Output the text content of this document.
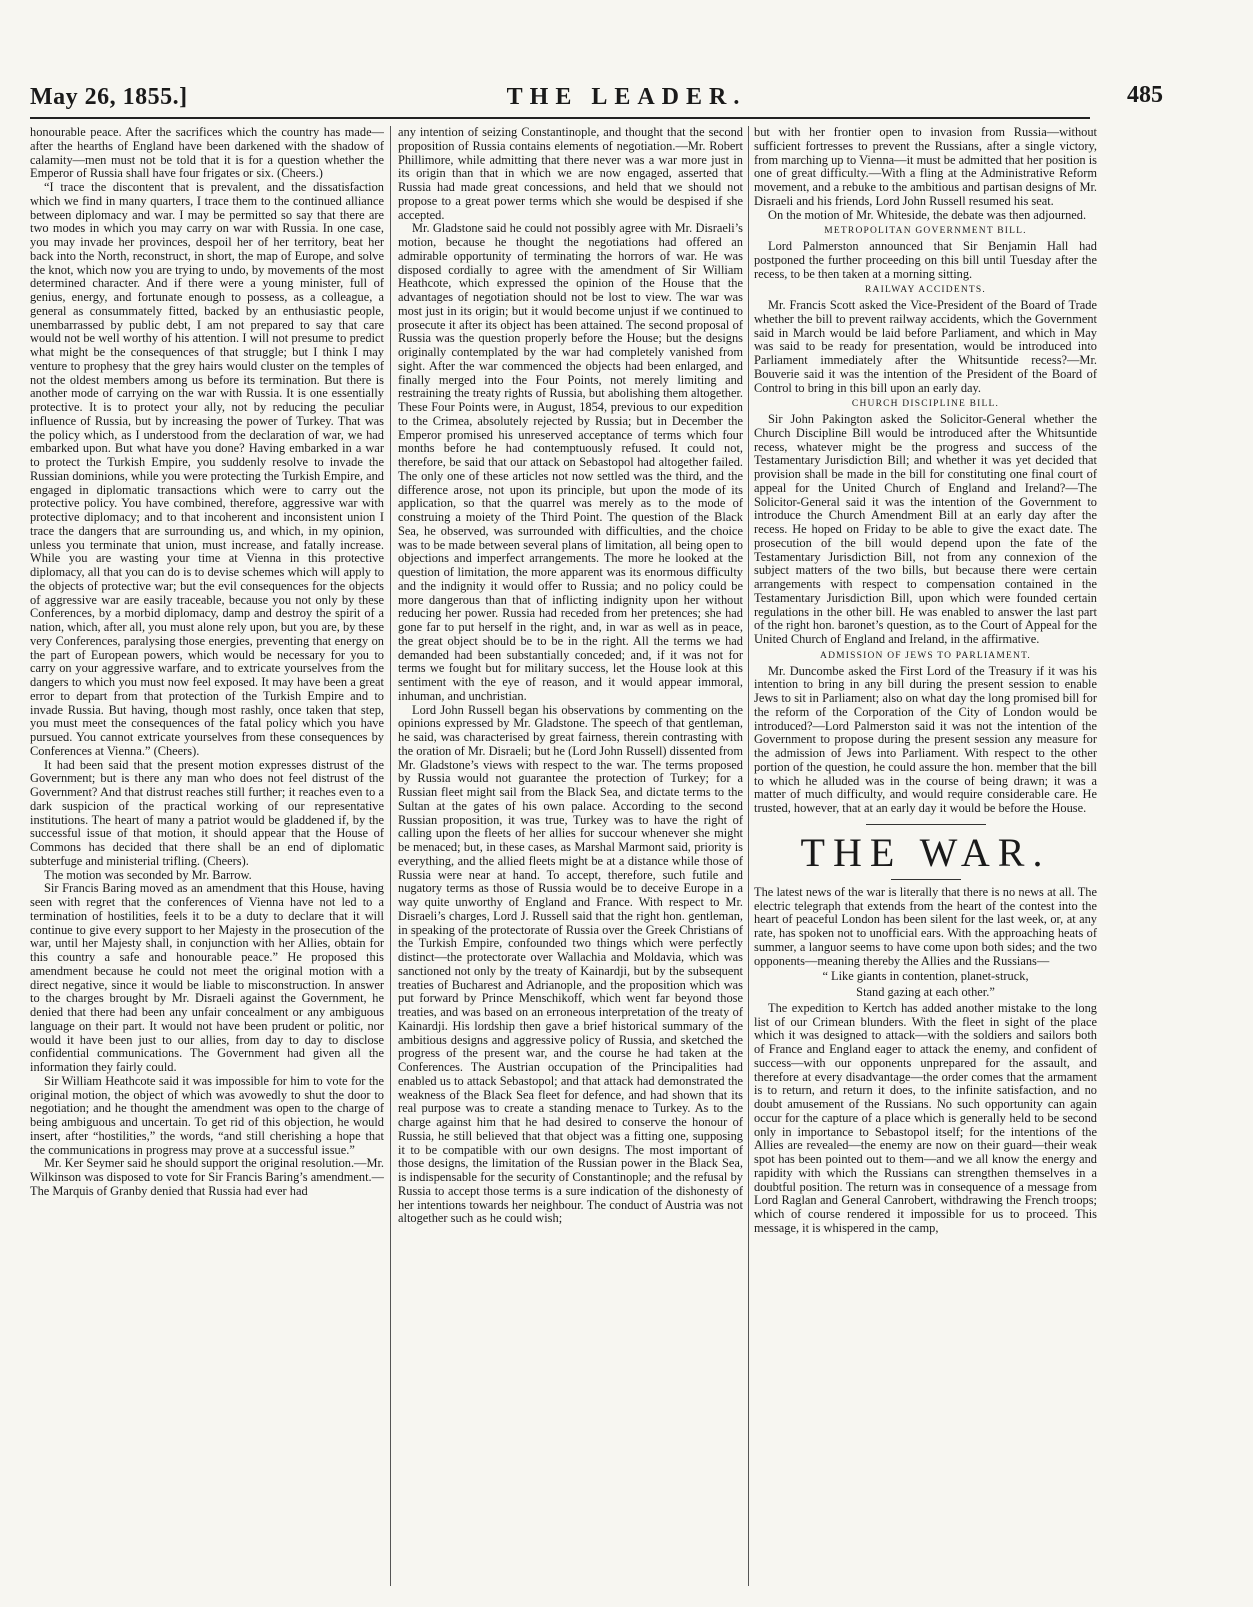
May 26, 1855.]	THE LEADER.	485

honourable peace. After the sacrifices which the country has made—after the hearths of England have been darkened with the shadow of calamity—men must not be told that it is for a question whether the Emperor of Russia shall have four frigates or six. (Cheers.)

“I trace the discontent that is prevalent, and the dissatisfaction which we find in many quarters, I trace them to the continued alliance between diplomacy and war. I may be permitted so say that there are two modes in which you may carry on war with Russia. In one case, you may invade her provinces, despoil her of her territory, beat her back into the North, reconstruct, in short, the map of Europe, and solve the knot, which now you are trying to undo, by movements of the most determined character. And if there were a young minister, full of genius, energy, and fortunate enough to possess, as a colleague, a general as consummately fitted, backed by an enthusiastic people, unembarrassed by public debt, I am not prepared to say that care would not be well worthy of his attention. I will not presume to predict what might be the consequences of that struggle; but I think I may venture to prophesy that the grey hairs would cluster on the temples of not the oldest members among us before its termination. But there is another mode of carrying on the war with Russia. It is one essentially protective. It is to protect your ally, not by reducing the peculiar influence of Russia, but by increasing the power of Turkey. That was the policy which, as I understood from the declaration of war, we had embarked upon. But what have you done? Having embarked in a war to protect the Turkish Empire, you suddenly resolve to invade the Russian dominions, while you were protecting the Turkish Empire, and engaged in diplomatic transactions which were to carry out the protective policy. You have combined, therefore, aggressive war with protective diplomacy; and to that incoherent and inconsistent union I trace the dangers that are surrounding us, and which, in my opinion, unless you terminate that union, must increase, and fatally increase. While you are wasting your time at Vienna in this protective diplomacy, all that you can do is to devise schemes which will apply to the objects of protective war; but the evil consequences for the objects of aggressive war are easily traceable, because you not only by these Conferences, by a morbid diplomacy, damp and destroy the spirit of a nation, which, after all, you must alone rely upon, but you are, by these very Conferences, paralysing those energies, preventing that energy on the part of European powers, which would be necessary for you to carry on your aggressive warfare, and to extricate yourselves from the dangers to which you must now feel exposed. It may have been a great error to depart from that protection of the Turkish Empire and to invade Russia. But having, though most rashly, once taken that step, you must meet the consequences of the fatal policy which you have pursued. You cannot extricate yourselves from these consequences by Conferences at Vienna.” (Cheers).

It had been said that the present motion expresses distrust of the Government; but is there any man who does not feel distrust of the Government? And that distrust reaches still further; it reaches even to a dark suspicion of the practical working of our representative institutions. The heart of many a patriot would be gladdened if, by the successful issue of that motion, it should appear that the House of Commons has decided that there shall be an end of diplomatic subterfuge and ministerial trifling. (Cheers).

The motion was seconded by Mr. Barrow.

Sir Francis Baring moved as an amendment that this House, having seen with regret that the conferences of Vienna have not led to a termination of hostilities, feels it to be a duty to declare that it will continue to give every support to her Majesty in the prosecution of the war, until her Majesty shall, in conjunction with her Allies, obtain for this country a safe and honourable peace.” He proposed this amendment because he could not meet the original motion with a direct negative, since it would be liable to misconstruction. In answer to the charges brought by Mr. Disraeli against the Government, he denied that there had been any unfair concealment or any ambiguous language on their part. It would not have been prudent or politic, nor would it have been just to our allies, from day to day to disclose confidential communications. The Government had given all the information they fairly could.

Sir William Heathcote said it was impossible for him to vote for the original motion, the object of which was avowedly to shut the door to negotiation; and he thought the amendment was open to the charge of being ambiguous and uncertain. To get rid of this objection, he would insert, after “hostilities,” the words, “and still cherishing a hope that the communications in progress may prove at a successful issue.”

Mr. Ker Seymer said he should support the original resolution.—Mr. Wilkinson was disposed to vote for Sir Francis Baring’s amendment.—The Marquis of Granby denied that Russia had ever had

any intention of seizing Constantinople, and thought that the second proposition of Russia contains elements of negotiation.—Mr. Robert Phillimore, while admitting that there never was a war more just in its origin than that in which we are now engaged, asserted that Russia had made great concessions, and held that we should not propose to a great power terms which she would be despised if she accepted.

Mr. Gladstone said he could not possibly agree with Mr. Disraeli’s motion, because he thought the negotiations had offered an admirable opportunity of terminating the horrors of war. He was disposed cordially to agree with the amendment of Sir William Heathcote, which expressed the opinion of the House that the advantages of negotiation should not be lost to view. The war was most just in its origin; but it would become unjust if we continued to prosecute it after its object has been attained. The second proposal of Russia was the question properly before the House; but the designs originally contemplated by the war had completely vanished from sight. After the war commenced the objects had been enlarged, and finally merged into the Four Points, not merely limiting and restraining the treaty rights of Russia, but abolishing them altogether. These Four Points were, in August, 1854, previous to our expedition to the Crimea, absolutely rejected by Russia; but in December the Emperor promised his unreserved acceptance of terms which four months before he had contemptuously refused. It could not, therefore, be said that our attack on Sebastopol had altogether failed. The only one of these articles not now settled was the third, and the difference arose, not upon its principle, but upon the mode of its application, so that the quarrel was merely as to the mode of construing a moiety of the Third Point. The question of the Black Sea, he observed, was surrounded with difficulties, and the choice was to be made between several plans of limitation, all being open to objections and imperfect arrangements. The more he looked at the question of limitation, the more apparent was its enormous difficulty and the indignity it would offer to Russia; and no policy could be more dangerous than that of inflicting indignity upon her without reducing her power. Russia had receded from her pretences; she had gone far to put herself in the right, and, in war as well as in peace, the great object should be to be in the right. All the terms we had demanded had been substantially conceded; and, if it was not for terms we fought but for military success, let the House look at this sentiment with the eye of reason, and it would appear immoral, inhuman, and unchristian.

Lord John Russell began his observations by commenting on the opinions expressed by Mr. Gladstone. The speech of that gentleman, he said, was characterised by great fairness, therein contrasting with the oration of Mr. Disraeli; but he (Lord John Russell) dissented from Mr. Gladstone’s views with respect to the war. The terms proposed by Russia would not guarantee the protection of Turkey; for a Russian fleet might sail from the Black Sea, and dictate terms to the Sultan at the gates of his own palace. According to the second Russian proposition, it was true, Turkey was to have the right of calling upon the fleets of her allies for succour whenever she might be menaced; but, in these cases, as Marshal Marmont said, priority is everything, and the allied fleets might be at a distance while those of Russia were near at hand. To accept, therefore, such futile and nugatory terms as those of Russia would be to deceive Europe in a way quite unworthy of England and France. With respect to Mr. Disraeli’s charges, Lord J. Russell said that the right hon. gentleman, in speaking of the protectorate of Russia over the Greek Christians of the Turkish Empire, confounded two things which were perfectly distinct—the protectorate over Wallachia and Moldavia, which was sanctioned not only by the treaty of Kainardji, but by the subsequent treaties of Bucharest and Adrianople, and the proposition which was put forward by Prince Menschikoff, which went far beyond those treaties, and was based on an erroneous interpretation of the treaty of Kainardji. His lordship then gave a brief historical summary of the ambitious designs and aggressive policy of Russia, and sketched the progress of the present war, and the course he had taken at the Conferences. The Austrian occupation of the Principalities had enabled us to attack Sebastopol; and that attack had demonstrated the weakness of the Black Sea fleet for defence, and had shown that its real purpose was to create a standing menace to Turkey. As to the charge against him that he had desired to conserve the honour of Russia, he still believed that that object was a fitting one, supposing it to be compatible with our own designs. The most important of those designs, the limitation of the Russian power in the Black Sea, is indispensable for the security of Constantinople; and the refusal by Russia to accept those terms is a sure indication of the dishonesty of her intentions towards her neighbour. The conduct of Austria was not altogether such as he could wish;

but with her frontier open to invasion from Russia—without sufficient fortresses to prevent the Russians, after a single victory, from marching up to Vienna—it must be admitted that her position is one of great difficulty.—With a fling at the Administrative Reform movement, and a rebuke to the ambitious and partisan designs of Mr. Disraeli and his friends, Lord John Russell resumed his seat.

On the motion of Mr. Whiteside, the debate was then adjourned.

METROPOLITAN GOVERNMENT BILL.

Lord Palmerston announced that Sir Benjamin Hall had postponed the further proceeding on this bill until Tuesday after the recess, to be then taken at a morning sitting.

RAILWAY ACCIDENTS.

Mr. Francis Scott asked the Vice-President of the Board of Trade whether the bill to prevent railway accidents, which the Government said in March would be laid before Parliament, and which in May was said to be ready for presentation, would be introduced into Parliament immediately after the Whitsuntide recess?—Mr. Bouverie said it was the intention of the President of the Board of Control to bring in this bill upon an early day.

CHURCH DISCIPLINE BILL.

Sir John Pakington asked the Solicitor-General whether the Church Discipline Bill would be introduced after the Whitsuntide recess, whatever might be the progress and success of the Testamentary Jurisdiction Bill; and whether it was yet decided that provision shall be made in the bill for constituting one final court of appeal for the United Church of England and Ireland?—The Solicitor-General said it was the intention of the Government to introduce the Church Amendment Bill at an early day after the recess. He hoped on Friday to be able to give the exact date. The prosecution of the bill would depend upon the fate of the Testamentary Jurisdiction Bill, not from any connexion of the subject matters of the two bills, but because there were certain arrangements with respect to compensation contained in the Testamentary Jurisdiction Bill, upon which were founded certain regulations in the other bill. He was enabled to answer the last part of the right hon. baronet’s question, as to the Court of Appeal for the United Church of England and Ireland, in the affirmative.

ADMISSION OF JEWS TO PARLIAMENT.

Mr. Duncombe asked the First Lord of the Treasury if it was his intention to bring in any bill during the present session to enable Jews to sit in Parliament; also on what day the long promised bill for the reform of the Corporation of the City of London would be introduced?—Lord Palmerston said it was not the intention of the Government to propose during the present session any measure for the admission of Jews into Parliament. With respect to the other portion of the question, he could assure the hon. member that the bill to which he alluded was in the course of being drawn; it was a matter of much difficulty, and would require considerable care. He trusted, however, that at an early day it would be before the House.

THE WAR.

The latest news of the war is literally that there is no news at all. The electric telegraph that extends from the heart of the contest into the heart of peaceful London has been silent for the last week, or, at any rate, has spoken not to unofficial ears. With the approaching heats of summer, a languor seems to have come upon both sides; and the two opponents—meaning thereby the Allies and the Russians—

“ Like giants in contention, planet-struck,

Stand gazing at each other.”

The expedition to Kertch has added another mistake to the long list of our Crimean blunders. With the fleet in sight of the place which it was designed to attack—with the soldiers and sailors both of France and England eager to attack the enemy, and confident of success—with our opponents unprepared for the assault, and therefore at every disadvantage—the order comes that the armament is to return, and return it does, to the infinite satisfaction, and no doubt amusement of the Russians. No such opportunity can again occur for the capture of a place which is generally held to be second only in importance to Sebastopol itself; for the intentions of the Allies are revealed—the enemy are now on their guard—their weak spot has been pointed out to them—and we all know the energy and rapidity with which the Russians can strengthen themselves in a doubtful position. The return was in consequence of a message from Lord Raglan and General Canrobert, withdrawing the French troops; which of course rendered it impossible for us to proceed. This message, it is whispered in the camp,
